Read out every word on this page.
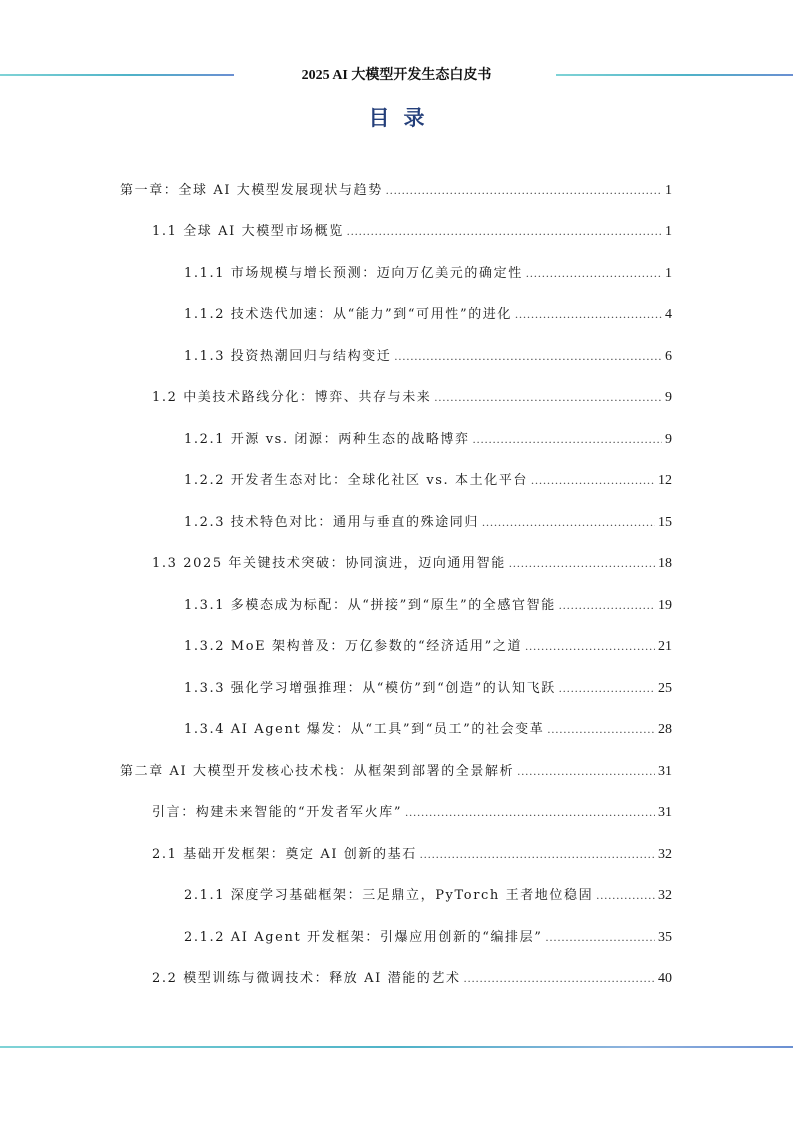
2025 AI 大模型开发生态白皮书
目录
第一章：全球 AI 大模型发展现状与趋势 .....	1
1.1 全球 AI 大模型市场概览 .....	1
1.1.1 市场规模与增长预测：迈向万亿美元的确定性 .....	1
1.1.2 技术迭代加速：从“能力”到“可用性”的进化 .....	4
1.1.3 投资热潮回归与结构变迁 .....	6
1.2 中美技术路线分化：博弈、共存与未来 .....	9
1.2.1 开源 vs. 闭源：两种生态的战略博弈 .....	9
1.2.2 开发者生态对比：全球化社区 vs. 本土化平台 .....	12
1.2.3 技术特色对比：通用与垂直的殊途同归 .....	15
1.3 2025 年关键技术突破：协同演进，迈向通用智能 .....	18
1.3.1 多模态成为标配：从“拼接”到“原生”的全感官智能 .....	19
1.3.2 MoE 架构普及：万亿参数的“经济适用”之道 .....	21
1.3.3 强化学习增强推理：从“模仿”到“创造”的认知飞跃 .....	25
1.3.4 AI Agent 爆发：从“工具”到“员工”的社会变革 .....	28
第二章 AI 大模型开发核心技术栈：从框架到部署的全景解析 .....	31
引言：构建未来智能的“开发者军火库” .....	31
2.1 基础开发框架：奠定 AI 创新的基石 .....	32
2.1.1 深度学习基础框架：三足鼎立，PyTorch 王者地位稳固 .....	32
2.1.2 AI Agent 开发框架：引爆应用创新的“编排层” .....	35
2.2 模型训练与微调技术：释放 AI 潜能的艺术 .....	40
